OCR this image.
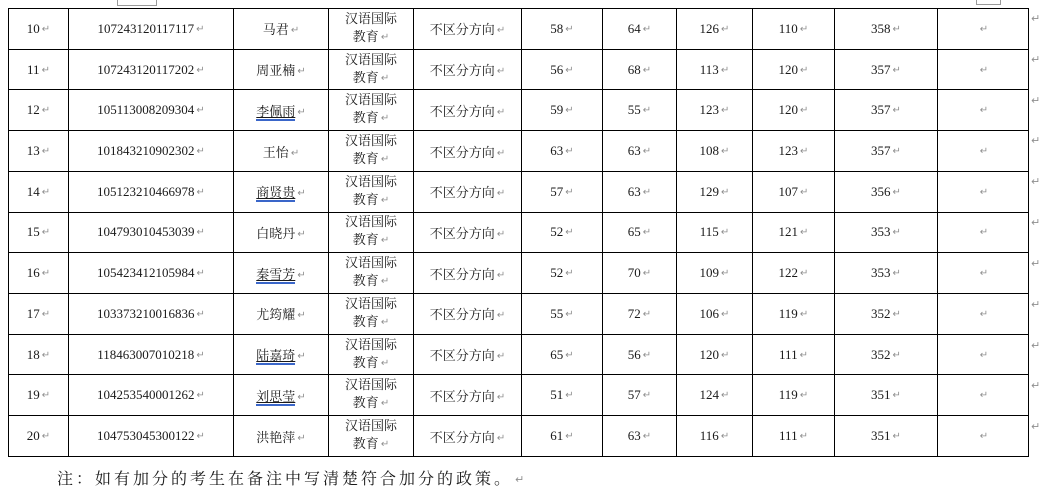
10 ↵	107243120117117 ↵	马君 ↵	汉语国际
教育 ↵	不区分方向 ↵	58 ↵	64 ↵	126 ↵	110 ↵	358 ↵	↵
11 ↵	107243120117202 ↵	周亚楠 ↵	汉语国际
教育 ↵	不区分方向 ↵	56 ↵	68 ↵	113 ↵	120 ↵	357 ↵	↵
12 ↵	105113008209304 ↵	李佩雨 ↵	汉语国际
教育 ↵	不区分方向 ↵	59 ↵	55 ↵	123 ↵	120 ↵	357 ↵	↵
13 ↵	101843210902302 ↵	王怡 ↵	汉语国际
教育 ↵	不区分方向 ↵	63 ↵	63 ↵	108 ↵	123 ↵	357 ↵	↵
14 ↵	105123210466978 ↵	商贤贵 ↵	汉语国际
教育 ↵	不区分方向 ↵	57 ↵	63 ↵	129 ↵	107 ↵	356 ↵	↵
15 ↵	104793010453039 ↵	白晓丹 ↵	汉语国际
教育 ↵	不区分方向 ↵	52 ↵	65 ↵	115 ↵	121 ↵	353 ↵	↵
16 ↵	105423412105984 ↵	秦雪芳 ↵	汉语国际
教育 ↵	不区分方向 ↵	52 ↵	70 ↵	109 ↵	122 ↵	353 ↵	↵
17 ↵	103373210016836 ↵	尤筠耀 ↵	汉语国际
教育 ↵	不区分方向 ↵	55 ↵	72 ↵	106 ↵	119 ↵	352 ↵	↵
18 ↵	118463007010218 ↵	陆嘉琦 ↵	汉语国际
教育 ↵	不区分方向 ↵	65 ↵	56 ↵	120 ↵	111 ↵	352 ↵	↵
19 ↵	104253540001262 ↵	刘思莹 ↵	汉语国际
教育 ↵	不区分方向 ↵	51 ↵	57 ↵	124 ↵	119 ↵	351 ↵	↵
20 ↵	104753045300122 ↵	洪艳萍 ↵	汉语国际
教育 ↵	不区分方向 ↵	61 ↵	63 ↵	116 ↵	111 ↵	351 ↵	↵
↵
↵
↵
↵
↵
↵
↵
↵
↵
↵
↵
注：如有加分的考生在备注中写清楚符合加分的政策。 ↵
